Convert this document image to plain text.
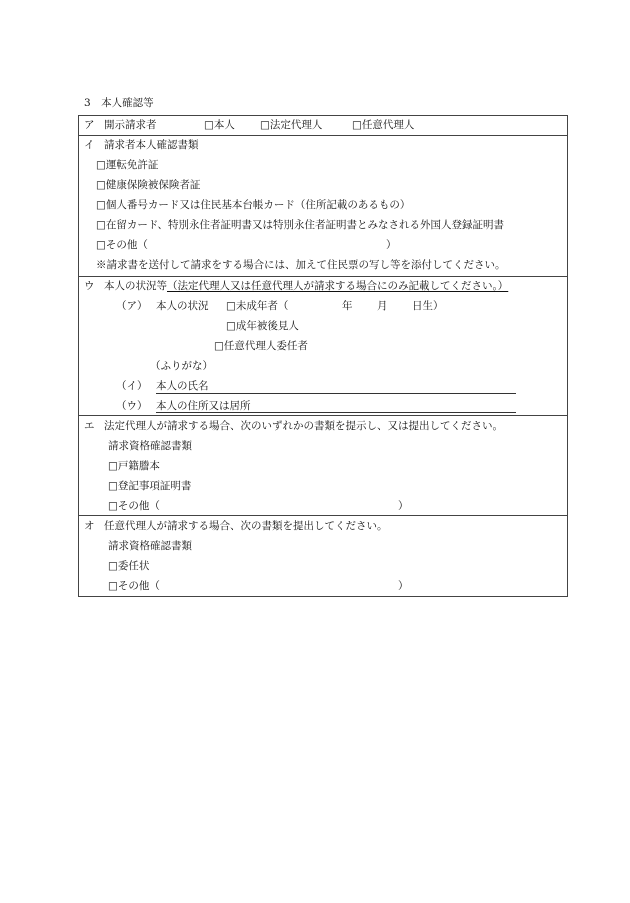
3　本人確認等
ア 開示請求者	□本人 □法定代理人	□任意代理人
イ 請求者本人確認書類
□運転免許証
□健康保険被保険者証
□個人番号カード又は住民基本台帳カード（住所記載のあるもの）
□在留カード、特別永住者証明書又は特別永住者証明書とみなされる外国人登録証明書
□その他（	）
※請求書を送付して請求をする場合には、加えて住民票の写し等を添付してください。
ウ 本人の状況等（法定代理人又は任意代理人が請求する場合にのみ記載してください。）
（ア） 本人の状況 □未成年者（	年 月 日生）
□成年被後見人
□任意代理人委任者
（ふりがな）
（イ） 本人の氏名
（ウ） 本人の住所又は居所
エ 法定代理人が請求する場合、次のいずれかの書類を提示し、又は提出してください。
請求資格確認書類
□戸籍謄本
□登記事項証明書
□その他（	）
オ 任意代理人が請求する場合、次の書類を提出してください。
請求資格確認書類
□委任状
□その他（	）
